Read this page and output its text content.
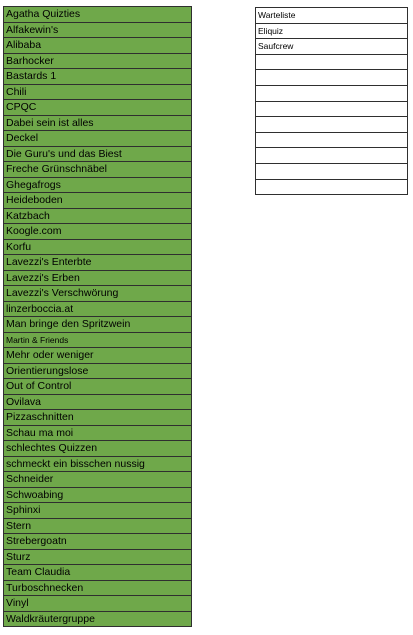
Agatha Quizties
Alfakewin's
Alibaba
Barhocker
Bastards 1
Chili
CPQC
Dabei sein ist alles
Deckel
Die Guru's und das Biest
Freche Grünschnäbel
Ghegafrogs
Heideboden
Katzbach
Koogle.com
Korfu
Lavezzi's Enterbte
Lavezzi's Erben
Lavezzi's Verschwörung
linzerboccia.at
Man bringe den Spritzwein
Martin & Friends
Mehr oder weniger
Orientierungslose
Out of Control
Ovilava
Pizzaschnitten
Schau ma moi
schlechtes Quizzen
schmeckt ein bisschen nussig
Schneider
Schwoabing
Sphinxi
Stern
Strebergoatn
Sturz
Team Claudia
Turboschnecken
Vinyl
Waldkräutergruppe
Warteliste
Eliquiz
Saufcrew
